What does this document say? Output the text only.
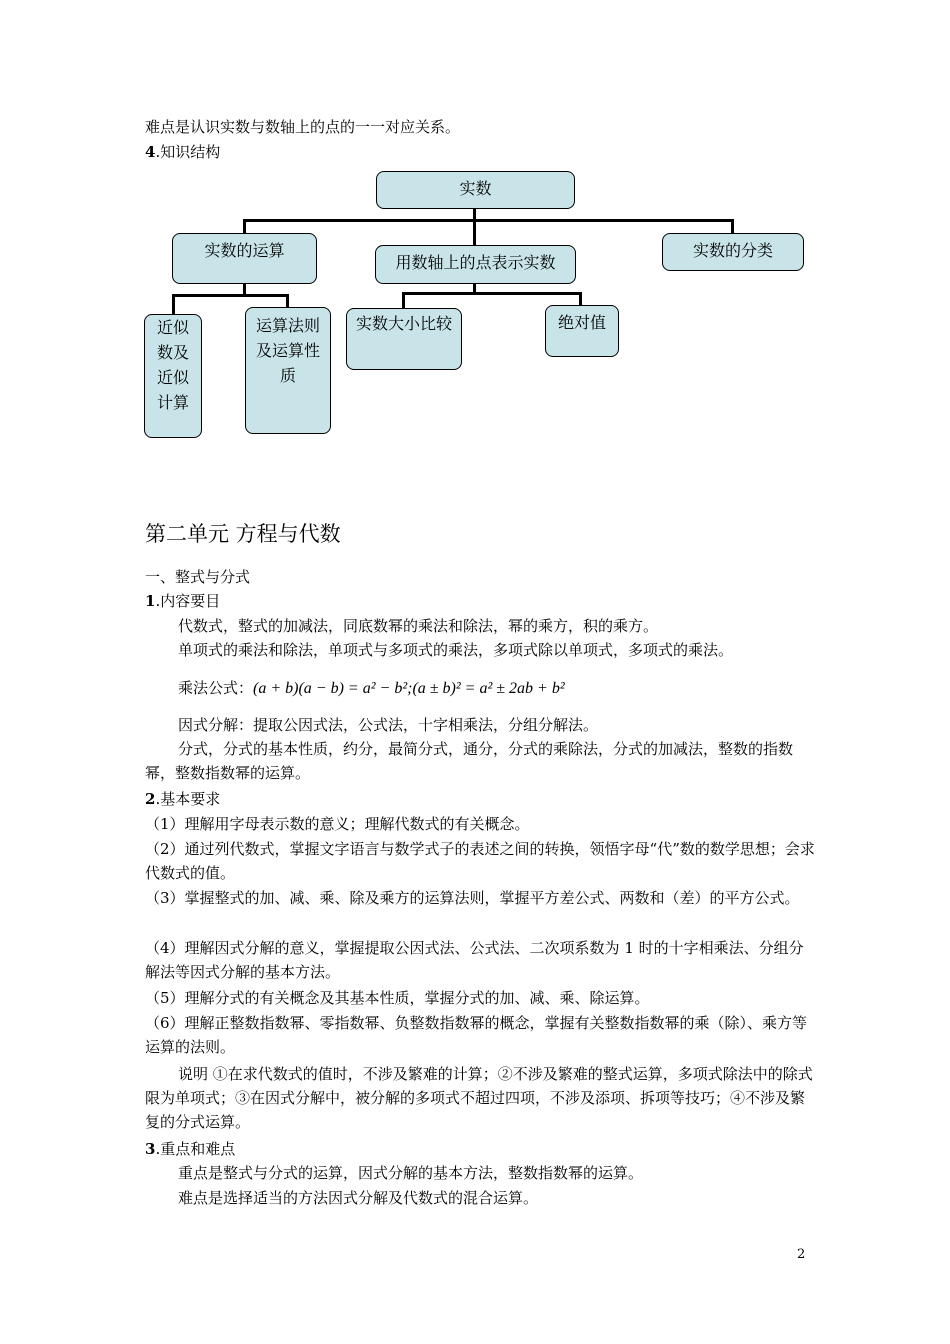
难点是认识实数与数轴上的点的一一对应关系。
4.知识结构
实数
实数的运算
用数轴上的点表示实数
实数的分类
近似数及近似计算
运算法则及运算性质
实数大小比较	绝对值
第二单元 方程与代数
一、整式与分式
1.内容要目
代数式，整式的加减法，同底数幂的乘法和除法，幂的乘方，积的乘方。
单项式的乘法和除法，单项式与多项式的乘法，多项式除以单项式，多项式的乘法。
乘法公式：(a + b)(a − b) = a² − b²;(a ± b)² = a² ± 2ab + b²
因式分解：提取公因式法，公式法，十字相乘法，分组分解法。
分式，分式的基本性质，约分，最简分式，通分，分式的乘除法，分式的加减法，整数的指数幂，整数指数幂的运算。
2.基本要求
（1）理解用字母表示数的意义；理解代数式的有关概念。
（2）通过列代数式，掌握文字语言与数学式子的表述之间的转换，领悟字母“代”数的数学思想；会求代数式的值。
（3）掌握整式的加、减、乘、除及乘方的运算法则，掌握平方差公式、两数和（差）的平方公式。
（4）理解因式分解的意义，掌握提取公因式法、公式法、二次项系数为 1 时的十字相乘法、分组分解法等因式分解的基本方法。
（5）理解分式的有关概念及其基本性质，掌握分式的加、减、乘、除运算。
（6）理解正整数指数幂、零指数幂、负整数指数幂的概念，掌握有关整数指数幂的乘（除）、乘方等运算的法则。
说明 ①在求代数式的值时，不涉及繁难的计算；②不涉及繁难的整式运算，多项式除法中的除式限为单项式；③在因式分解中，被分解的多项式不超过四项，不涉及添项、拆项等技巧；④不涉及繁复的分式运算。
3.重点和难点
重点是整式与分式的运算，因式分解的基本方法，整数指数幂的运算。
难点是选择适当的方法因式分解及代数式的混合运算。
2
